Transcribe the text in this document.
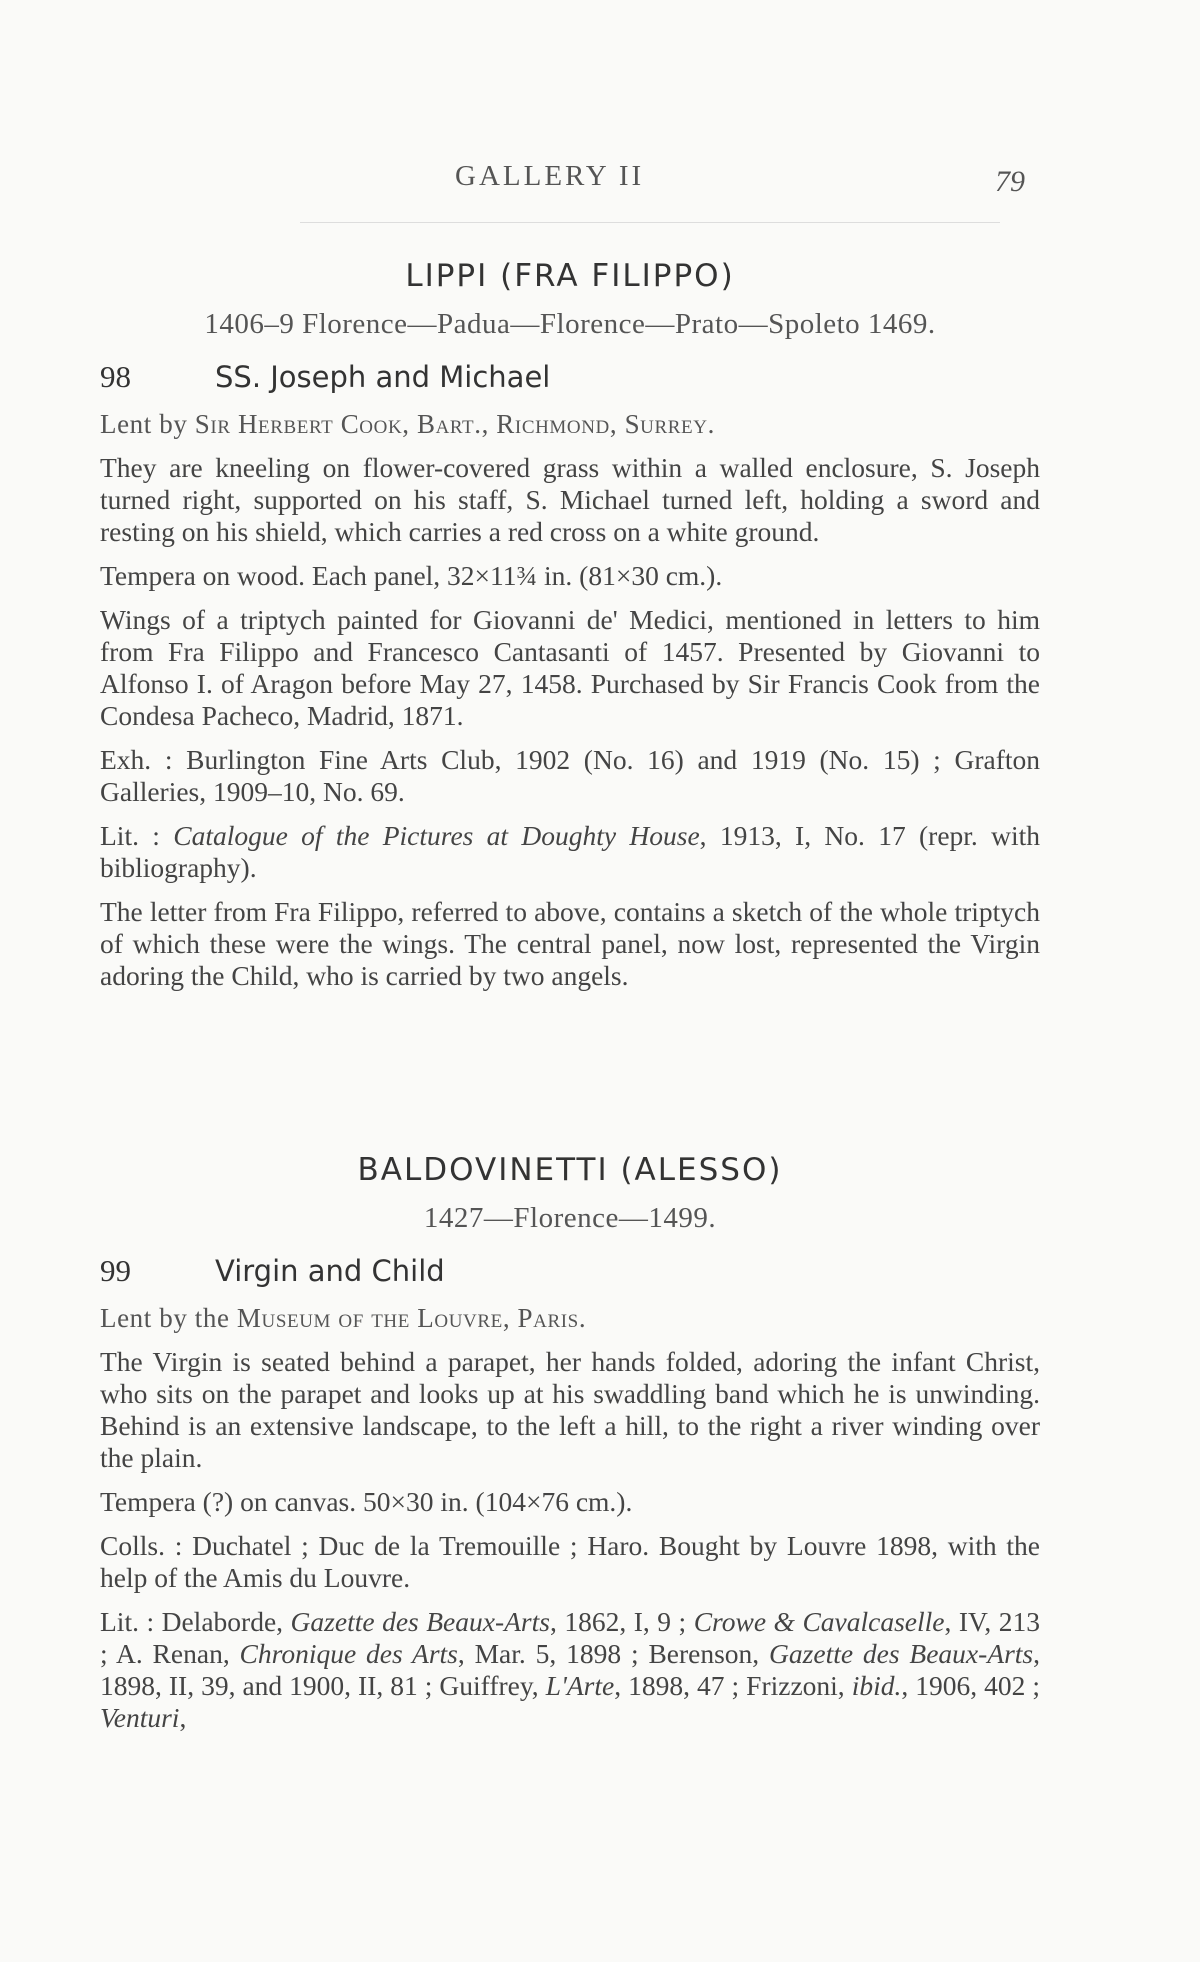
GALLERY II	79
LIPPI (FRA FILIPPO)
1406–9 Florence—Padua—Florence—Prato—Spoleto 1469.
98	SS. Joseph and Michael
Lent by Sir Herbert Cook, Bart., Richmond, Surrey.
They are kneeling on flower-covered grass within a walled enclosure, S. Joseph turned right, supported on his staff, S. Michael turned left, holding a sword and resting on his shield, which carries a red cross on a white ground.
Tempera on wood. Each panel, 32×11¾ in. (81×30 cm.).
Wings of a triptych painted for Giovanni de' Medici, mentioned in letters to him from Fra Filippo and Francesco Cantasanti of 1457. Presented by Giovanni to Alfonso I. of Aragon before May 27, 1458. Purchased by Sir Francis Cook from the Condesa Pacheco, Madrid, 1871.
Exh. : Burlington Fine Arts Club, 1902 (No. 16) and 1919 (No. 15) ; Grafton Galleries, 1909–10, No. 69.
Lit. : Catalogue of the Pictures at Doughty House, 1913, I, No. 17 (repr. with bibliography).
The letter from Fra Filippo, referred to above, contains a sketch of the whole triptych of which these were the wings. The central panel, now lost, represented the Virgin adoring the Child, who is carried by two angels.
BALDOVINETTI (ALESSO)
1427—Florence—1499.
99	Virgin and Child
Lent by the Museum of the Louvre, Paris.
The Virgin is seated behind a parapet, her hands folded, adoring the infant Christ, who sits on the parapet and looks up at his swaddling band which he is unwinding. Behind is an extensive landscape, to the left a hill, to the right a river winding over the plain.
Tempera (?) on canvas. 50×30 in. (104×76 cm.).
Colls. : Duchatel ; Duc de la Tremouille ; Haro. Bought by Louvre 1898, with the help of the Amis du Louvre.
Lit. : Delaborde, Gazette des Beaux-Arts, 1862, I, 9 ; Crowe & Cavalcaselle, IV, 213 ; A. Renan, Chronique des Arts, Mar. 5, 1898 ; Berenson, Gazette des Beaux-Arts, 1898, II, 39, and 1900, II, 81 ; Guiffrey, L'Arte, 1898, 47 ; Frizzoni, ibid., 1906, 402 ; Venturi,
